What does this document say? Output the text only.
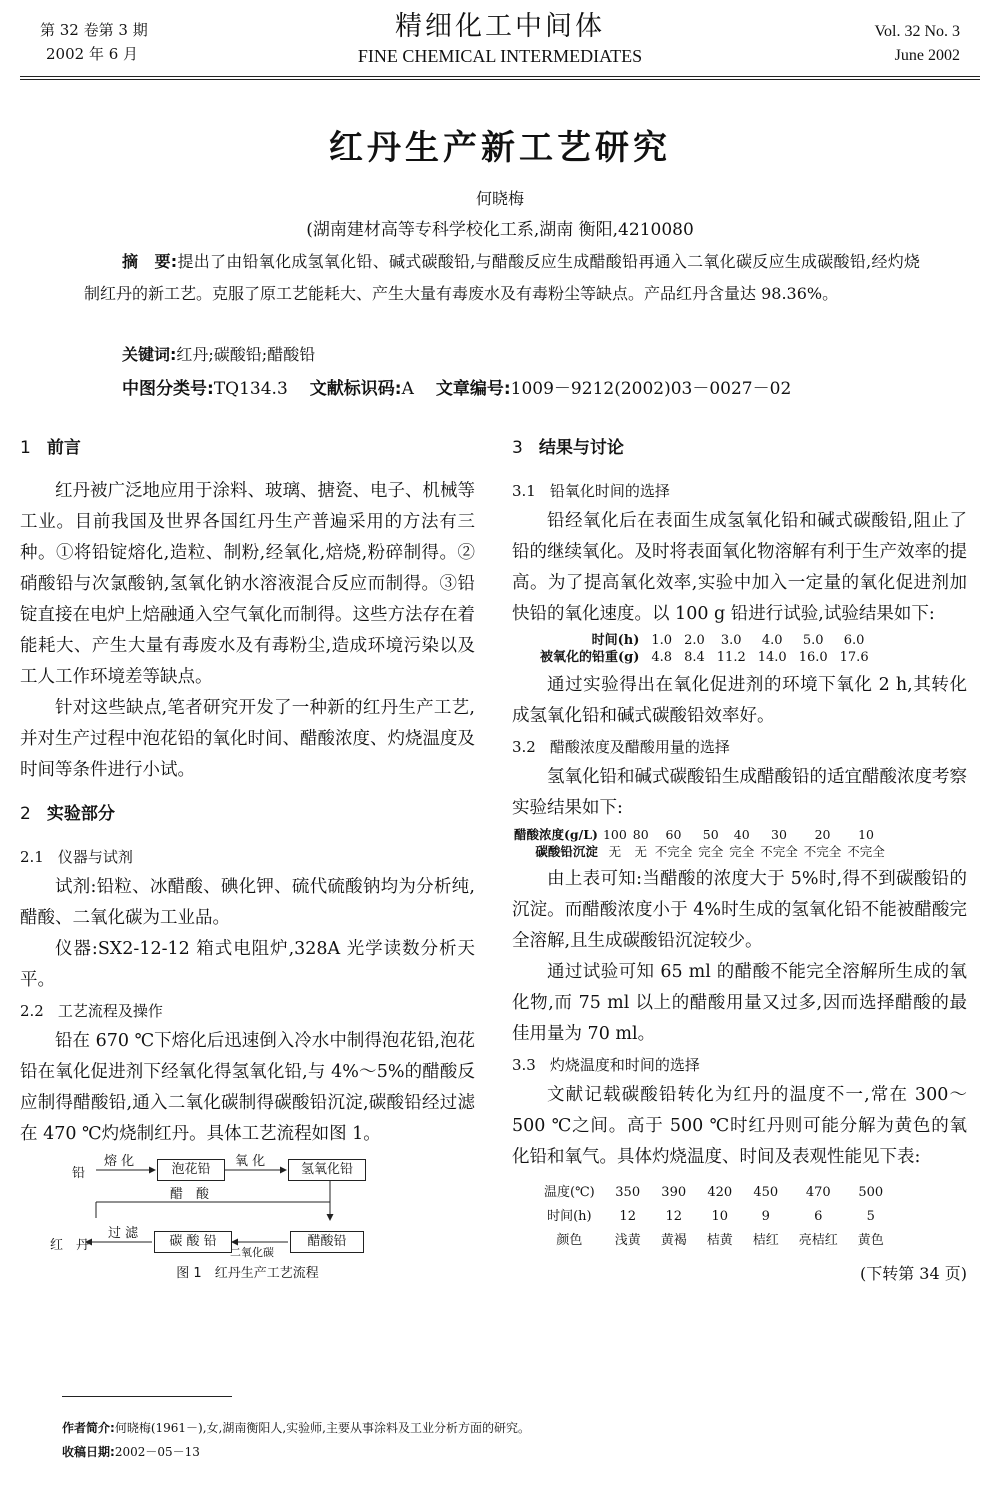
第 32 卷第 3 期
2002 年 6 月
精细化工中间体
FINE CHEMICAL INTERMEDIATES
Vol. 32 No. 3
June 2002
红丹生产新工艺研究
何晓梅
(湖南建材高等专科学校化工系,湖南 衡阳,4210080
摘　要:提出了由铅氧化成氢氧化铅、碱式碳酸铅,与醋酸反应生成醋酸铅再通入二氧化碳反应生成碳酸铅,经灼烧制红丹的新工艺。克服了原工艺能耗大、产生大量有毒废水及有毒粉尘等缺点。产品红丹含量达 98.36%。
关键词:红丹;碳酸铅;醋酸铅
中图分类号:TQ134.3 文献标识码:A 文章编号:1009－9212(2002)03－0027－02
1 前言

红丹被广泛地应用于涂料、玻璃、搪瓷、电子、机械等工业。目前我国及世界各国红丹生产普遍采用的方法有三种。①将铅锭熔化,造粒、制粉,经氧化,焙烧,粉碎制得。②硝酸铅与次氯酸钠,氢氧化钠水溶液混合反应而制得。③铅锭直接在电炉上焙融通入空气氧化而制得。这些方法存在着能耗大、产生大量有毒废水及有毒粉尘,造成环境污染以及工人工作环境差等缺点。

针对这些缺点,笔者研究开发了一种新的红丹生产工艺,并对生产过程中泡花铅的氧化时间、醋酸浓度、灼烧温度及时间等条件进行小试。

2 实验部分
2.1 仪器与试剂

试剂:铅粒、冰醋酸、碘化钾、硫代硫酸钠均为分析纯,醋酸、二氧化碳为工业品。

仪器:SX2-12-12 箱式电阻炉,328A 光学读数分析天平。

2.2 工艺流程及操作

铅在 670 ℃下熔化后迅速倒入冷水中制得泡花铅,泡花铅在氧化促进剂下经氧化得氢氧化铅,与 4%～5%的醋酸反应制得醋酸铅,通入二氧化碳制得碳酸铅沉淀,碳酸铅经过滤在 470 ℃灼烧制红丹。具体工艺流程如图 1。

铅
熔 化
泡花铅
氧 化
氢氧化铅
醋　酸
醋酸铅
碳 酸 铅
二氧化碳
过 滤
红　丹
图 1　红丹生产工艺流程
3 结果与讨论
3.1 铅氧化时间的选择

铅经氧化后在表面生成氢氧化铅和碱式碳酸铅,阻止了铅的继续氧化。及时将表面氧化物溶解有利于生产效率的提高。为了提高氧化效率,实验中加入一定量的氧化促进剂加快铅的氧化速度。以 100 g 铅进行试验,试验结果如下:

时间(h)	1.0	2.0	3.0	4.0	5.0	6.0
被氧化的铅重(g)	4.8	8.4	11.2	14.0	16.0	17.6

通过实验得出在氧化促进剂的环境下氧化 2 h,其转化成氢氧化铅和碱式碳酸铅效率好。

3.2 醋酸浓度及醋酸用量的选择

氢氧化铅和碱式碳酸铅生成醋酸铅的适宜醋酸浓度考察实验结果如下:

醋酸浓度(g/L)	100	80	60	50	40	30	20	10
碳酸铅沉淀	无	无	不完全	完全	完全	不完全	不完全	不完全

由上表可知:当醋酸的浓度大于 5%时,得不到碳酸铅的沉淀。而醋酸浓度小于 4%时生成的氢氧化铅不能被醋酸完全溶解,且生成碳酸铅沉淀较少。

通过试验可知 65 ml 的醋酸不能完全溶解所生成的氧化物,而 75 ml 以上的醋酸用量又过多,因而选择醋酸的最佳用量为 70 ml。

3.3 灼烧温度和时间的选择

文献记载碳酸铅转化为红丹的温度不一,常在 300～500 ℃之间。高于 500 ℃时红丹则可能分解为黄色的氧化铅和氧气。具体灼烧温度、时间及表观性能见下表:

温度(℃)	350	390	420	450	470	500
时间(h)	12	12	10	9	6	5
颜色	浅黄	黄褐	桔黄	桔红	亮桔红	黄色
(下转第 34 页)
作者简介:何晓梅(1961－),女,湖南衡阳人,实验师,主要从事涂料及工业分析方面的研究。
收稿日期:2002－05－13
